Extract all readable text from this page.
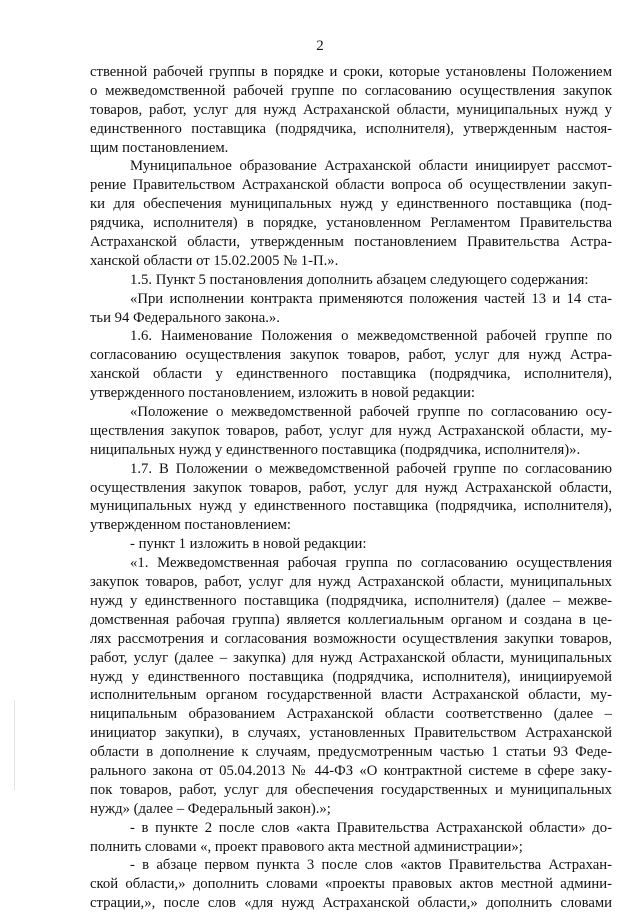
2
ственной рабочей группы в порядке и сроки, которые установлены Положением
о межведомственной рабочей группе по согласованию осуществления закупок
товаров, работ, услуг для нужд Астраханской области, муниципальных нужд у
единственного поставщика (подрядчика, исполнителя), утвержденным настоя-
щим постановлением.
Муниципальное образование Астраханской области инициирует рассмот-
рение Правительством Астраханской области вопроса об осуществлении закуп-
ки для обеспечения муниципальных нужд у единственного поставщика (под-
рядчика, исполнителя) в порядке, установленном Регламентом Правительства
Астраханской области, утвержденным постановлением Правительства Астра-
ханской области от 15.02.2005 № 1-П.».
1.5. Пункт 5 постановления дополнить абзацем следующего содержания:
«При исполнении контракта применяются положения частей 13 и 14 ста-
тьи 94 Федерального закона.».
1.6. Наименование Положения о межведомственной рабочей группе по
согласованию осуществления закупок товаров, работ, услуг для нужд Астра-
ханской области у единственного поставщика (подрядчика, исполнителя),
утвержденного постановлением, изложить в новой редакции:
«Положение о межведомственной рабочей группе по согласованию осу-
ществления закупок товаров, работ, услуг для нужд Астраханской области, му-
ниципальных нужд у единственного поставщика (подрядчика, исполнителя)».
1.7. В Положении о межведомственной рабочей группе по согласованию
осуществления закупок товаров, работ, услуг для нужд Астраханской области,
муниципальных нужд у единственного поставщика (подрядчика, исполнителя),
утвержденном постановлением:
- пункт 1 изложить в новой редакции:
«1. Межведомственная рабочая группа по согласованию осуществления
закупок товаров, работ, услуг для нужд Астраханской области, муниципальных
нужд у единственного поставщика (подрядчика, исполнителя) (далее – межве-
домственная рабочая группа) является коллегиальным органом и создана в це-
лях рассмотрения и согласования возможности осуществления закупки товаров,
работ, услуг (далее – закупка) для нужд Астраханской области, муниципальных
нужд у единственного поставщика (подрядчика, исполнителя), инициируемой
исполнительным органом государственной власти Астраханской области, му-
ниципальным образованием Астраханской области соответственно (далее –
инициатор закупки), в случаях, установленных Правительством Астраханской
области в дополнение к случаям, предусмотренным частью 1 статьи 93 Феде-
рального закона от 05.04.2013 № 44-ФЗ «О контрактной системе в сфере заку-
пок товаров, работ, услуг для обеспечения государственных и муниципальных
нужд» (далее – Федеральный закон).»;
- в пункте 2 после слов «акта Правительства Астраханской области» до-
полнить словами «, проект правового акта местной администрации»;
- в абзаце первом пункта 3 после слов «актов Правительства Астрахан-
ской области,» дополнить словами «проекты правовых актов местной админи-
страции,», после слов «для нужд Астраханской области,» дополнить словами
